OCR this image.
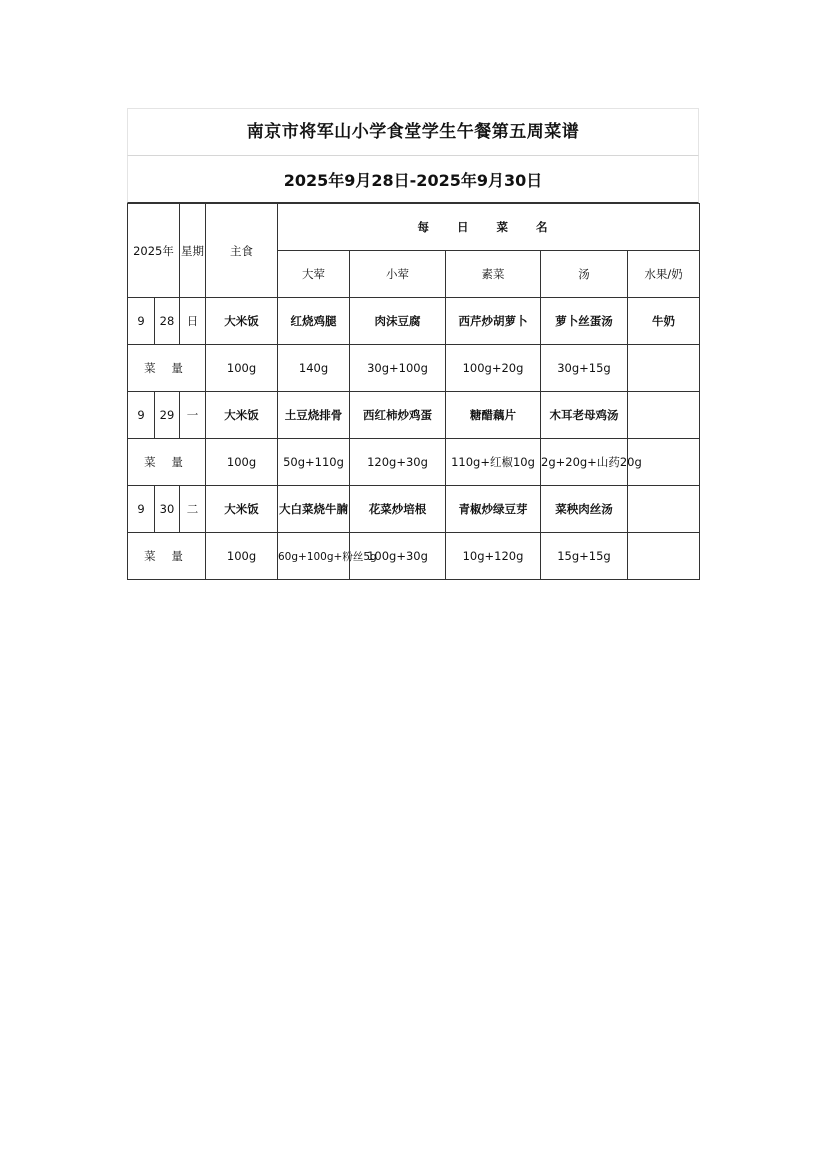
南京市将军山小学食堂学生午餐第五周菜谱
2025年9月28日-2025年9月30日
2025年		星期	主食	每 日 菜 名				
				大荤	小荤	素菜	汤	水果/奶
9	28	日	大米饭	红烧鸡腿	肉沫豆腐	西芹炒胡萝卜	萝卜丝蛋汤	牛奶
菜 量			100g	140g	30g+100g	100g+20g	30g+15g	
9	29	一	大米饭	土豆烧排骨	西红柿炒鸡蛋	糖醋藕片	木耳老母鸡汤	
菜 量			100g	50g+110g	120g+30g	110g+红椒10g	2g+20g+山药20g	
9	30	二	大米饭	大白菜烧牛腩	花菜炒培根	青椒炒绿豆芽	菜秧肉丝汤	
菜 量			100g	60g+100g+粉丝5g	100g+30g	10g+120g	15g+15g	
